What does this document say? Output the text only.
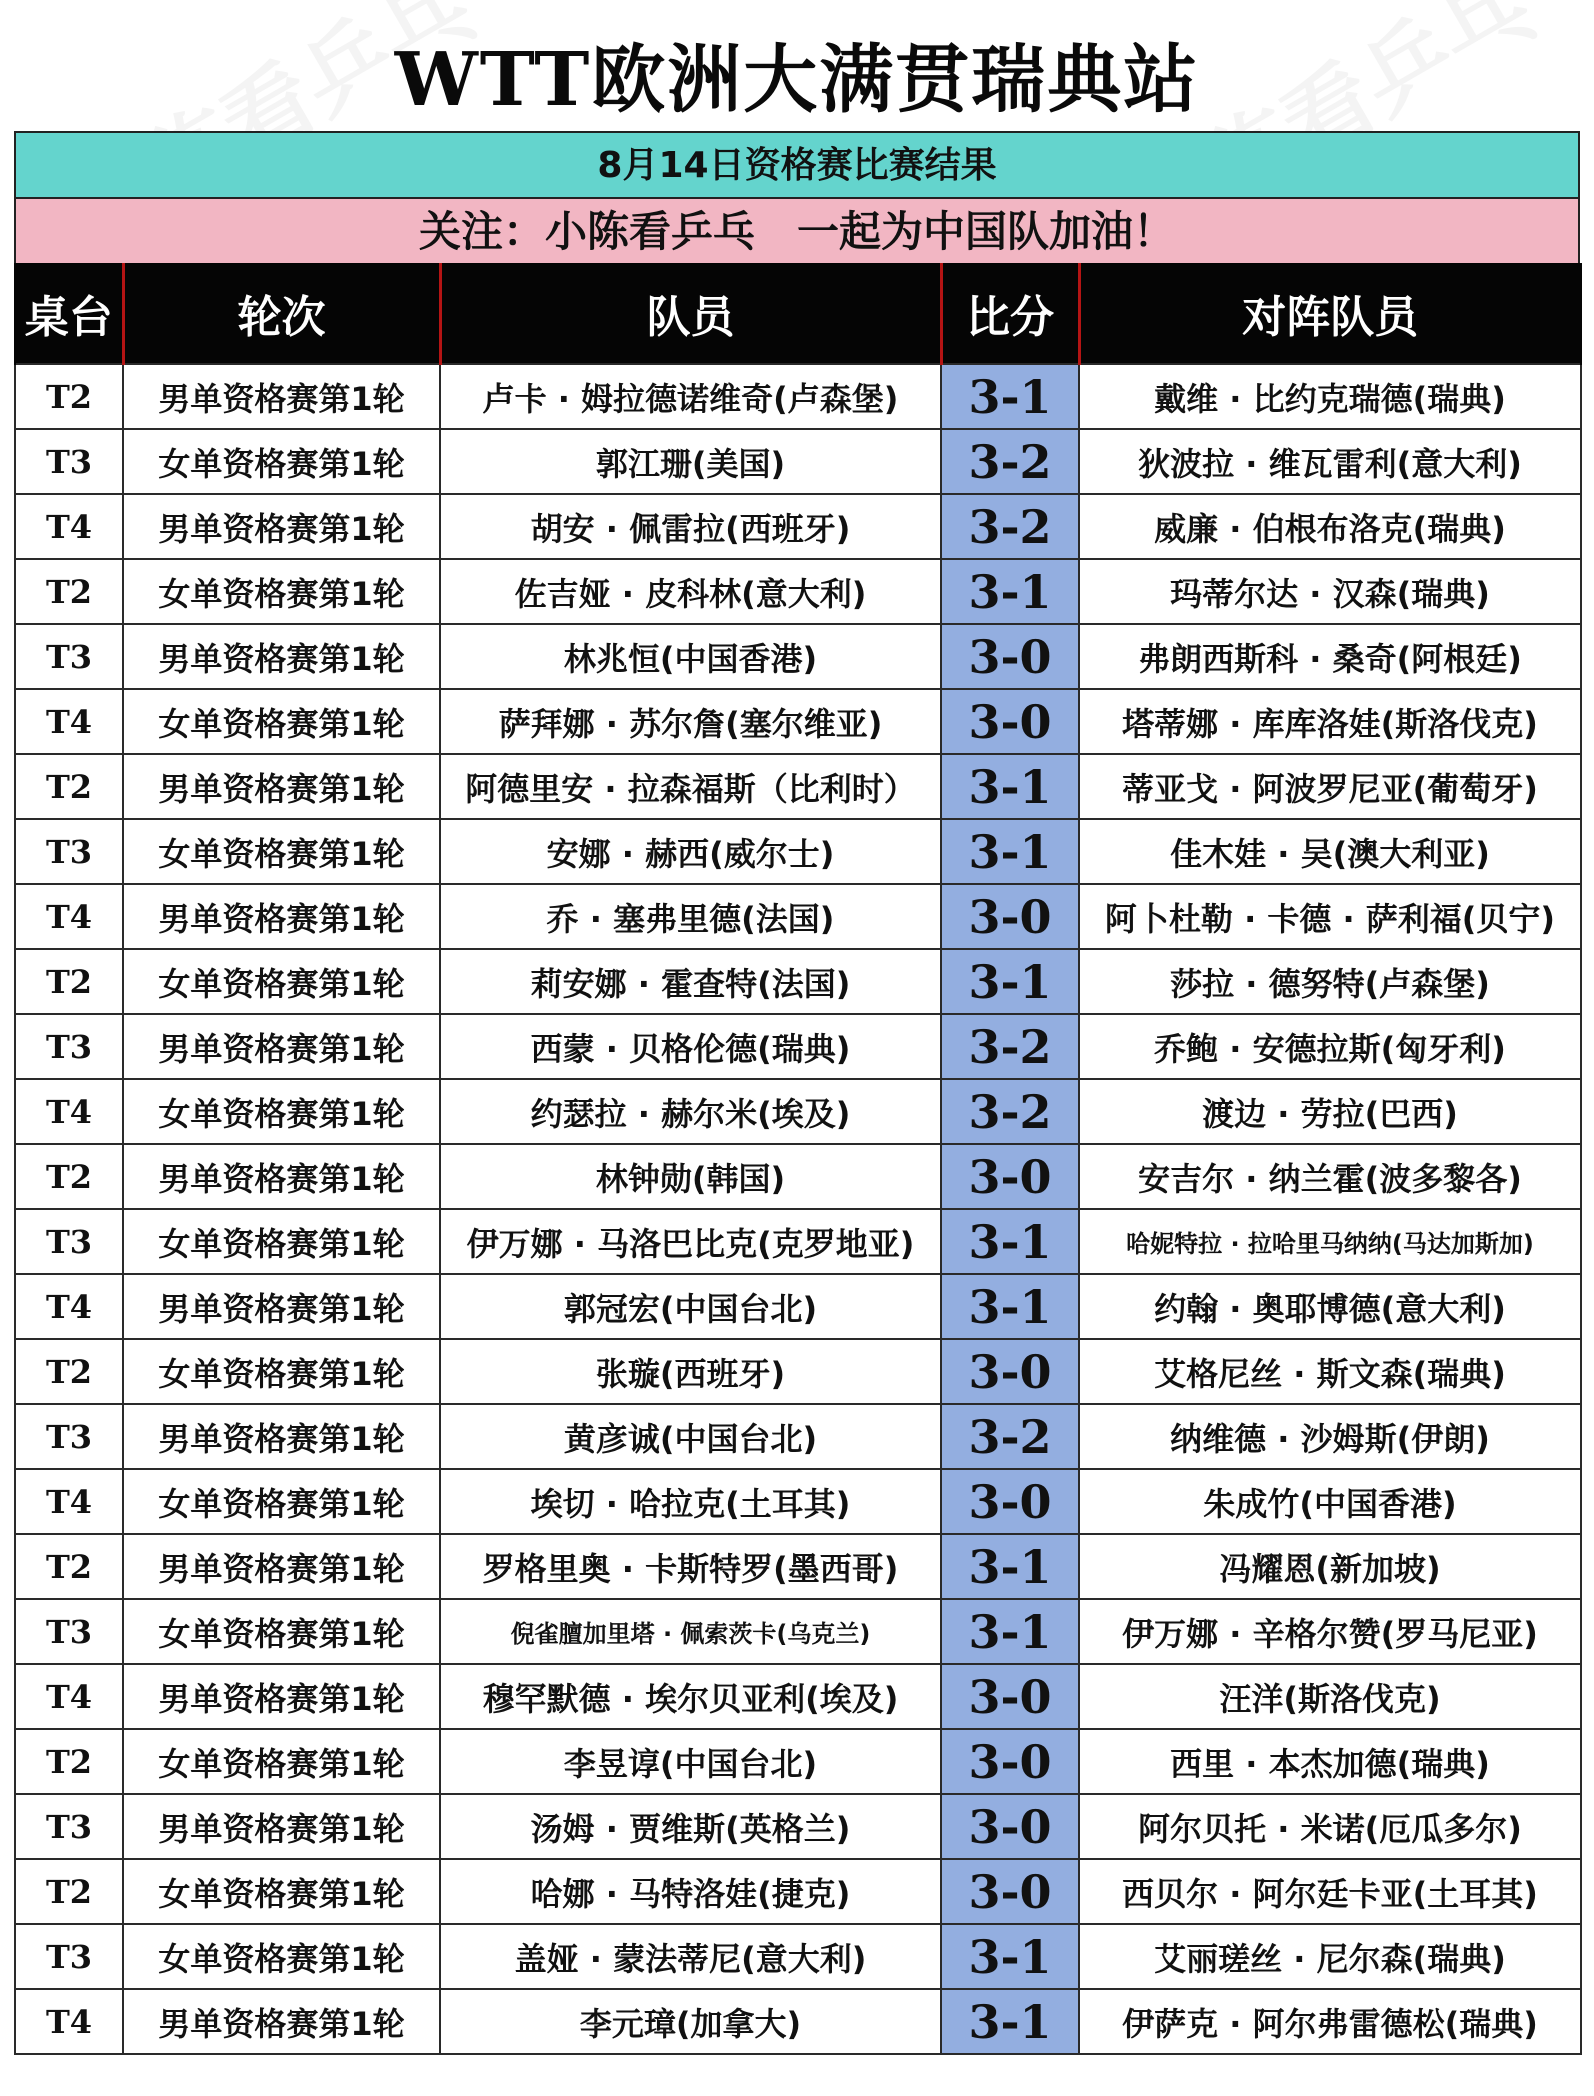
WTT欧洲大满贯瑞典站
8月14日资格赛比赛结果
关注：小陈看乒乓　一起为中国队加油！
桌台	轮次	队员	比分	对阵队员
T2	男单资格赛第1轮	卢卡 · 姆拉德诺维奇(卢森堡)	3-1	戴维 · 比约克瑞德(瑞典)
T3	女单资格赛第1轮	郭江珊(美国)	3-2	狄波拉 · 维瓦雷利(意大利)
T4	男单资格赛第1轮	胡安 · 佩雷拉(西班牙)	3-2	威廉 · 伯根布洛克(瑞典)
T2	女单资格赛第1轮	佐吉娅 · 皮科林(意大利)	3-1	玛蒂尔达 · 汉森(瑞典)
T3	男单资格赛第1轮	林兆恒(中国香港)	3-0	弗朗西斯科 · 桑奇(阿根廷)
T4	女单资格赛第1轮	萨拜娜 · 苏尔詹(塞尔维亚)	3-0	塔蒂娜 · 库库洛娃(斯洛伐克)
T2	男单资格赛第1轮	阿德里安 · 拉森福斯（比利时）	3-1	蒂亚戈 · 阿波罗尼亚(葡萄牙)
T3	女单资格赛第1轮	安娜 · 赫西(威尔士)	3-1	佳木娃 · 吴(澳大利亚)
T4	男单资格赛第1轮	乔 · 塞弗里德(法国)	3-0	阿卜杜勒 · 卡德 · 萨利福(贝宁)
T2	女单资格赛第1轮	莉安娜 · 霍查特(法国)	3-1	莎拉 · 德努特(卢森堡)
T3	男单资格赛第1轮	西蒙 · 贝格伦德(瑞典)	3-2	乔鲍 · 安德拉斯(匈牙利)
T4	女单资格赛第1轮	约瑟拉 · 赫尔米(埃及)	3-2	渡边 · 劳拉(巴西)
T2	男单资格赛第1轮	林钟勋(韩国)	3-0	安吉尔 · 纳兰霍(波多黎各)
T3	女单资格赛第1轮	伊万娜 · 马洛巴比克(克罗地亚)	3-1	哈妮特拉 · 拉哈里马纳纳(马达加斯加)
T4	男单资格赛第1轮	郭冠宏(中国台北)	3-1	约翰 · 奥耶博德(意大利)
T2	女单资格赛第1轮	张璇(西班牙)	3-0	艾格尼丝 · 斯文森(瑞典)
T3	男单资格赛第1轮	黄彦诚(中国台北)	3-2	纳维德 · 沙姆斯(伊朗)
T4	女单资格赛第1轮	埃切 · 哈拉克(土耳其)	3-0	朱成竹(中国香港)
T2	男单资格赛第1轮	罗格里奥 · 卡斯特罗(墨西哥)	3-1	冯耀恩(新加坡)
T3	女单资格赛第1轮	倪雀膻加里塔 · 佩索茨卡(乌克兰)	3-1	伊万娜 · 辛格尔赞(罗马尼亚)
T4	男单资格赛第1轮	穆罕默德 · 埃尔贝亚利(埃及)	3-0	汪洋(斯洛伐克)
T2	女单资格赛第1轮	李昱谆(中国台北)	3-0	西里 · 本杰加德(瑞典)
T3	男单资格赛第1轮	汤姆 · 贾维斯(英格兰)	3-0	阿尔贝托 · 米诺(厄瓜多尔)
T2	女单资格赛第1轮	哈娜 · 马特洛娃(捷克)	3-0	西贝尔 · 阿尔廷卡亚(土耳其)
T3	女单资格赛第1轮	盖娅 · 蒙法蒂尼(意大利)	3-1	艾丽瑳丝 · 尼尔森(瑞典)
T4	男单资格赛第1轮	李元璋(加拿大)	3-1	伊萨克 · 阿尔弗雷德松(瑞典)
